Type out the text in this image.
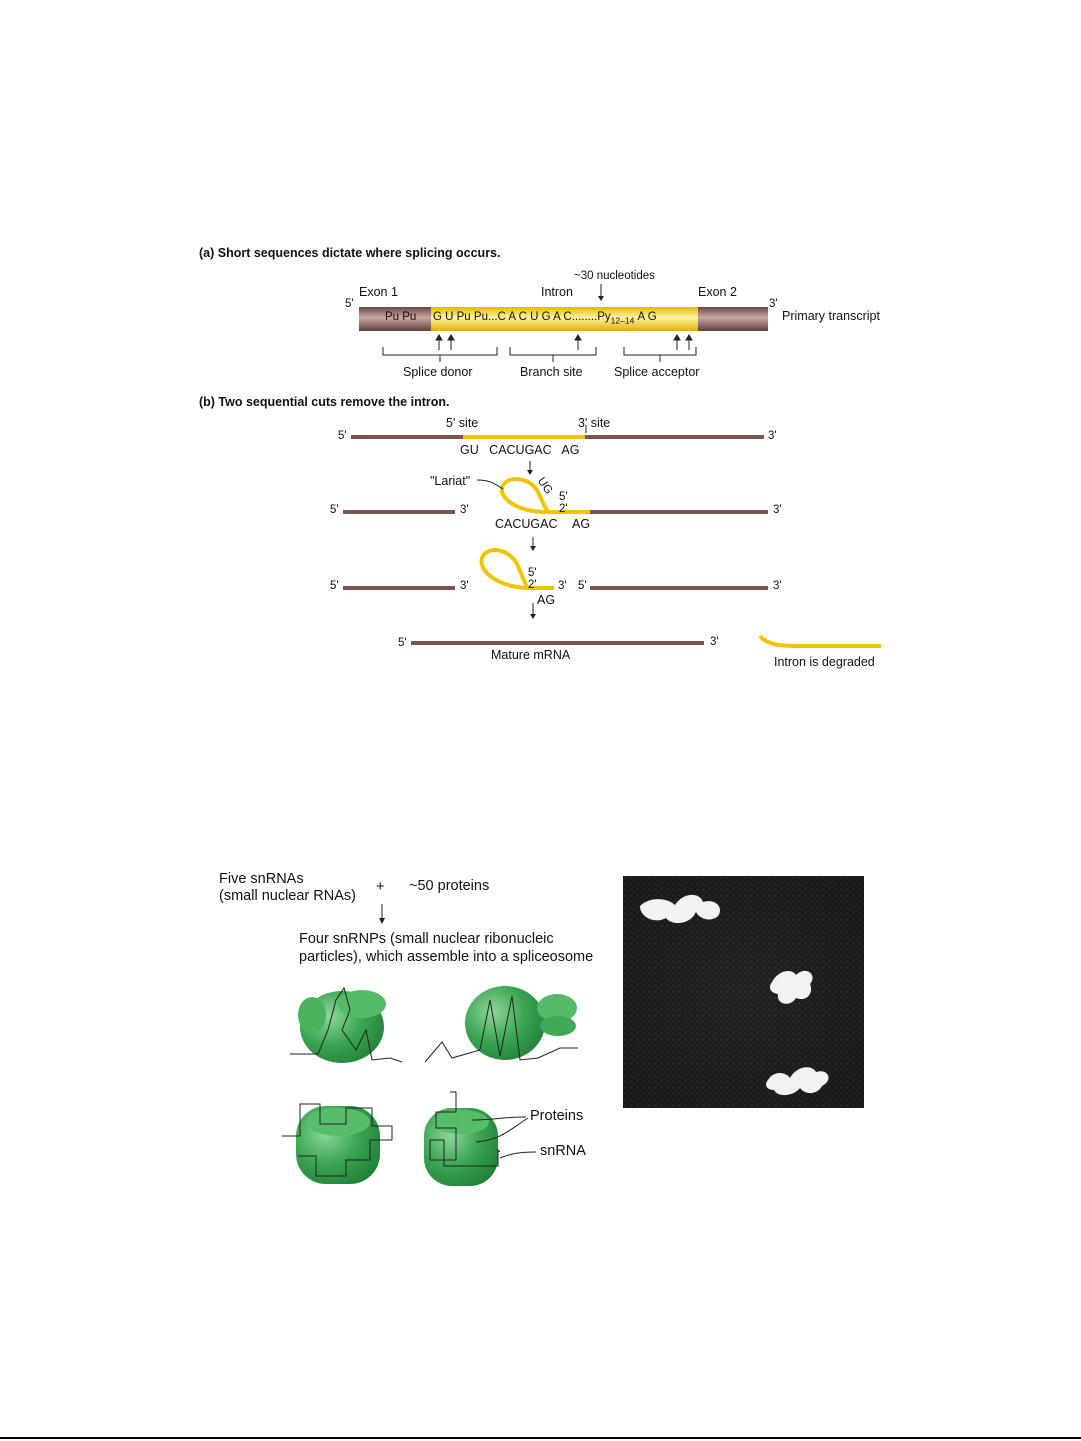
(a) Short sequences dictate where splicing occurs.
~30 nucleotides
Exon 1	Intron	Exon 2
5'	3'
Pu Pu G U Pu Pu...C A C U G A $C........Py_{12-14}$ A G	Primary transcript
Splice donor	Branch site	Splice acceptor
(b) Two sequential cuts remove the intron.
5' site	3' site
5'	3'
GU   CACUGAC   AG
"Lariat"	UG
5'
2'
5'	3'	3'
CACUGAC AG
5'
2'
5'	3'	3' 5'	3'
AG
5'	3'
Mature mRNA	Intron is degraded
Five snRNAs
(small nuclear RNAs)
+ ~50 proteins
Four snRNPs (small nuclear ribonucleic
particles), which assemble into a spliceosome
Proteins
snRNA
